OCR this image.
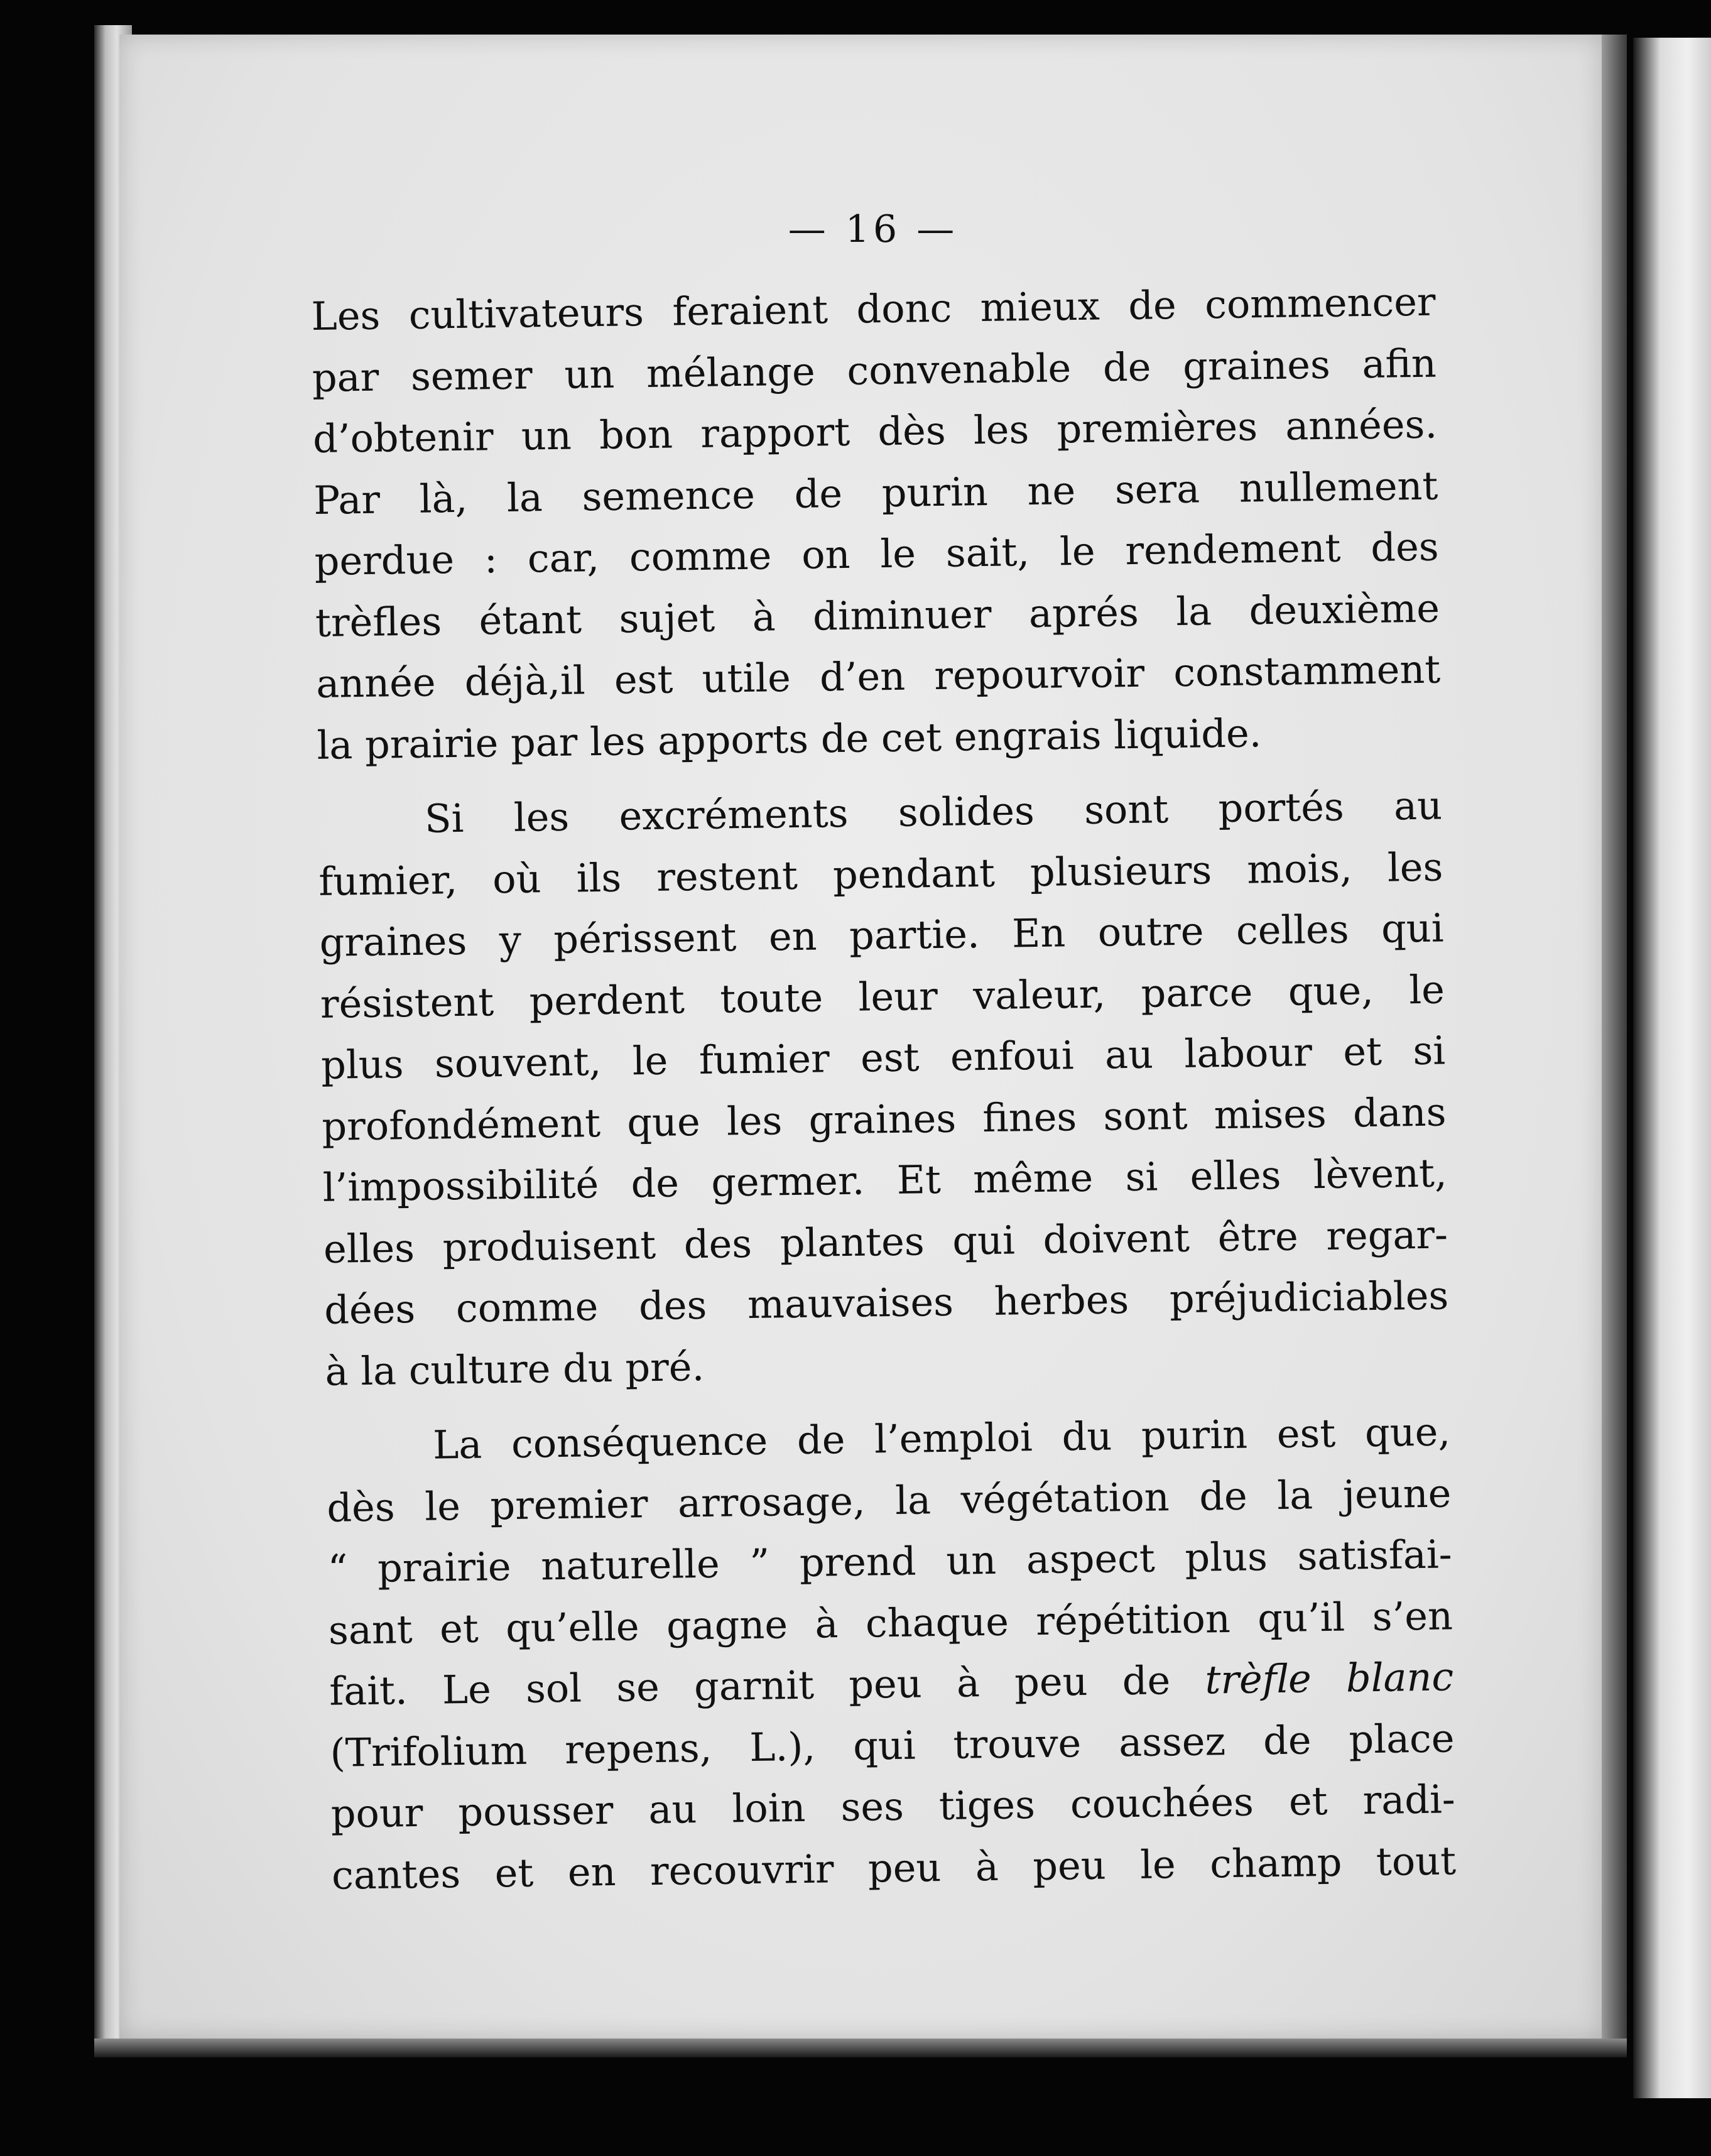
— 16 —
Les cultivateurs feraient donc mieux de commencer
par semer un mélange convenable de graines afin
d’obtenir un bon rapport dès les premières années.
Par là, la semence de purin ne sera nullement
perdue : car, comme on le sait, le rendement des
trèfles étant sujet à diminuer aprés la deuxième
année déjà,il est utile d’en repourvoir constamment
la prairie par les apports de cet engrais liquide.
Si les excréments solides sont portés au
fumier, où ils restent pendant plusieurs mois, les
graines y périssent en partie. En outre celles qui
résistent perdent toute leur valeur, parce que, le
plus souvent, le fumier est enfoui au labour et si
profondément que les graines fines sont mises dans
l’impossibilité de germer. Et même si elles lèvent,
elles produisent des plantes qui doivent être regar-
dées comme des mauvaises herbes préjudiciables
à la culture du pré.
La conséquence de l’emploi du purin est que,
dès le premier arrosage, la végétation de la jeune
“ prairie naturelle ” prend un aspect plus satisfai-
sant et qu’elle gagne à chaque répétition qu’il s’en
fait. Le sol se garnit peu à peu de trèfle blanc
(Trifolium repens, L.), qui trouve assez de place
pour pousser au loin ses tiges couchées et radi-
cantes et en recouvrir peu à peu le champ tout
